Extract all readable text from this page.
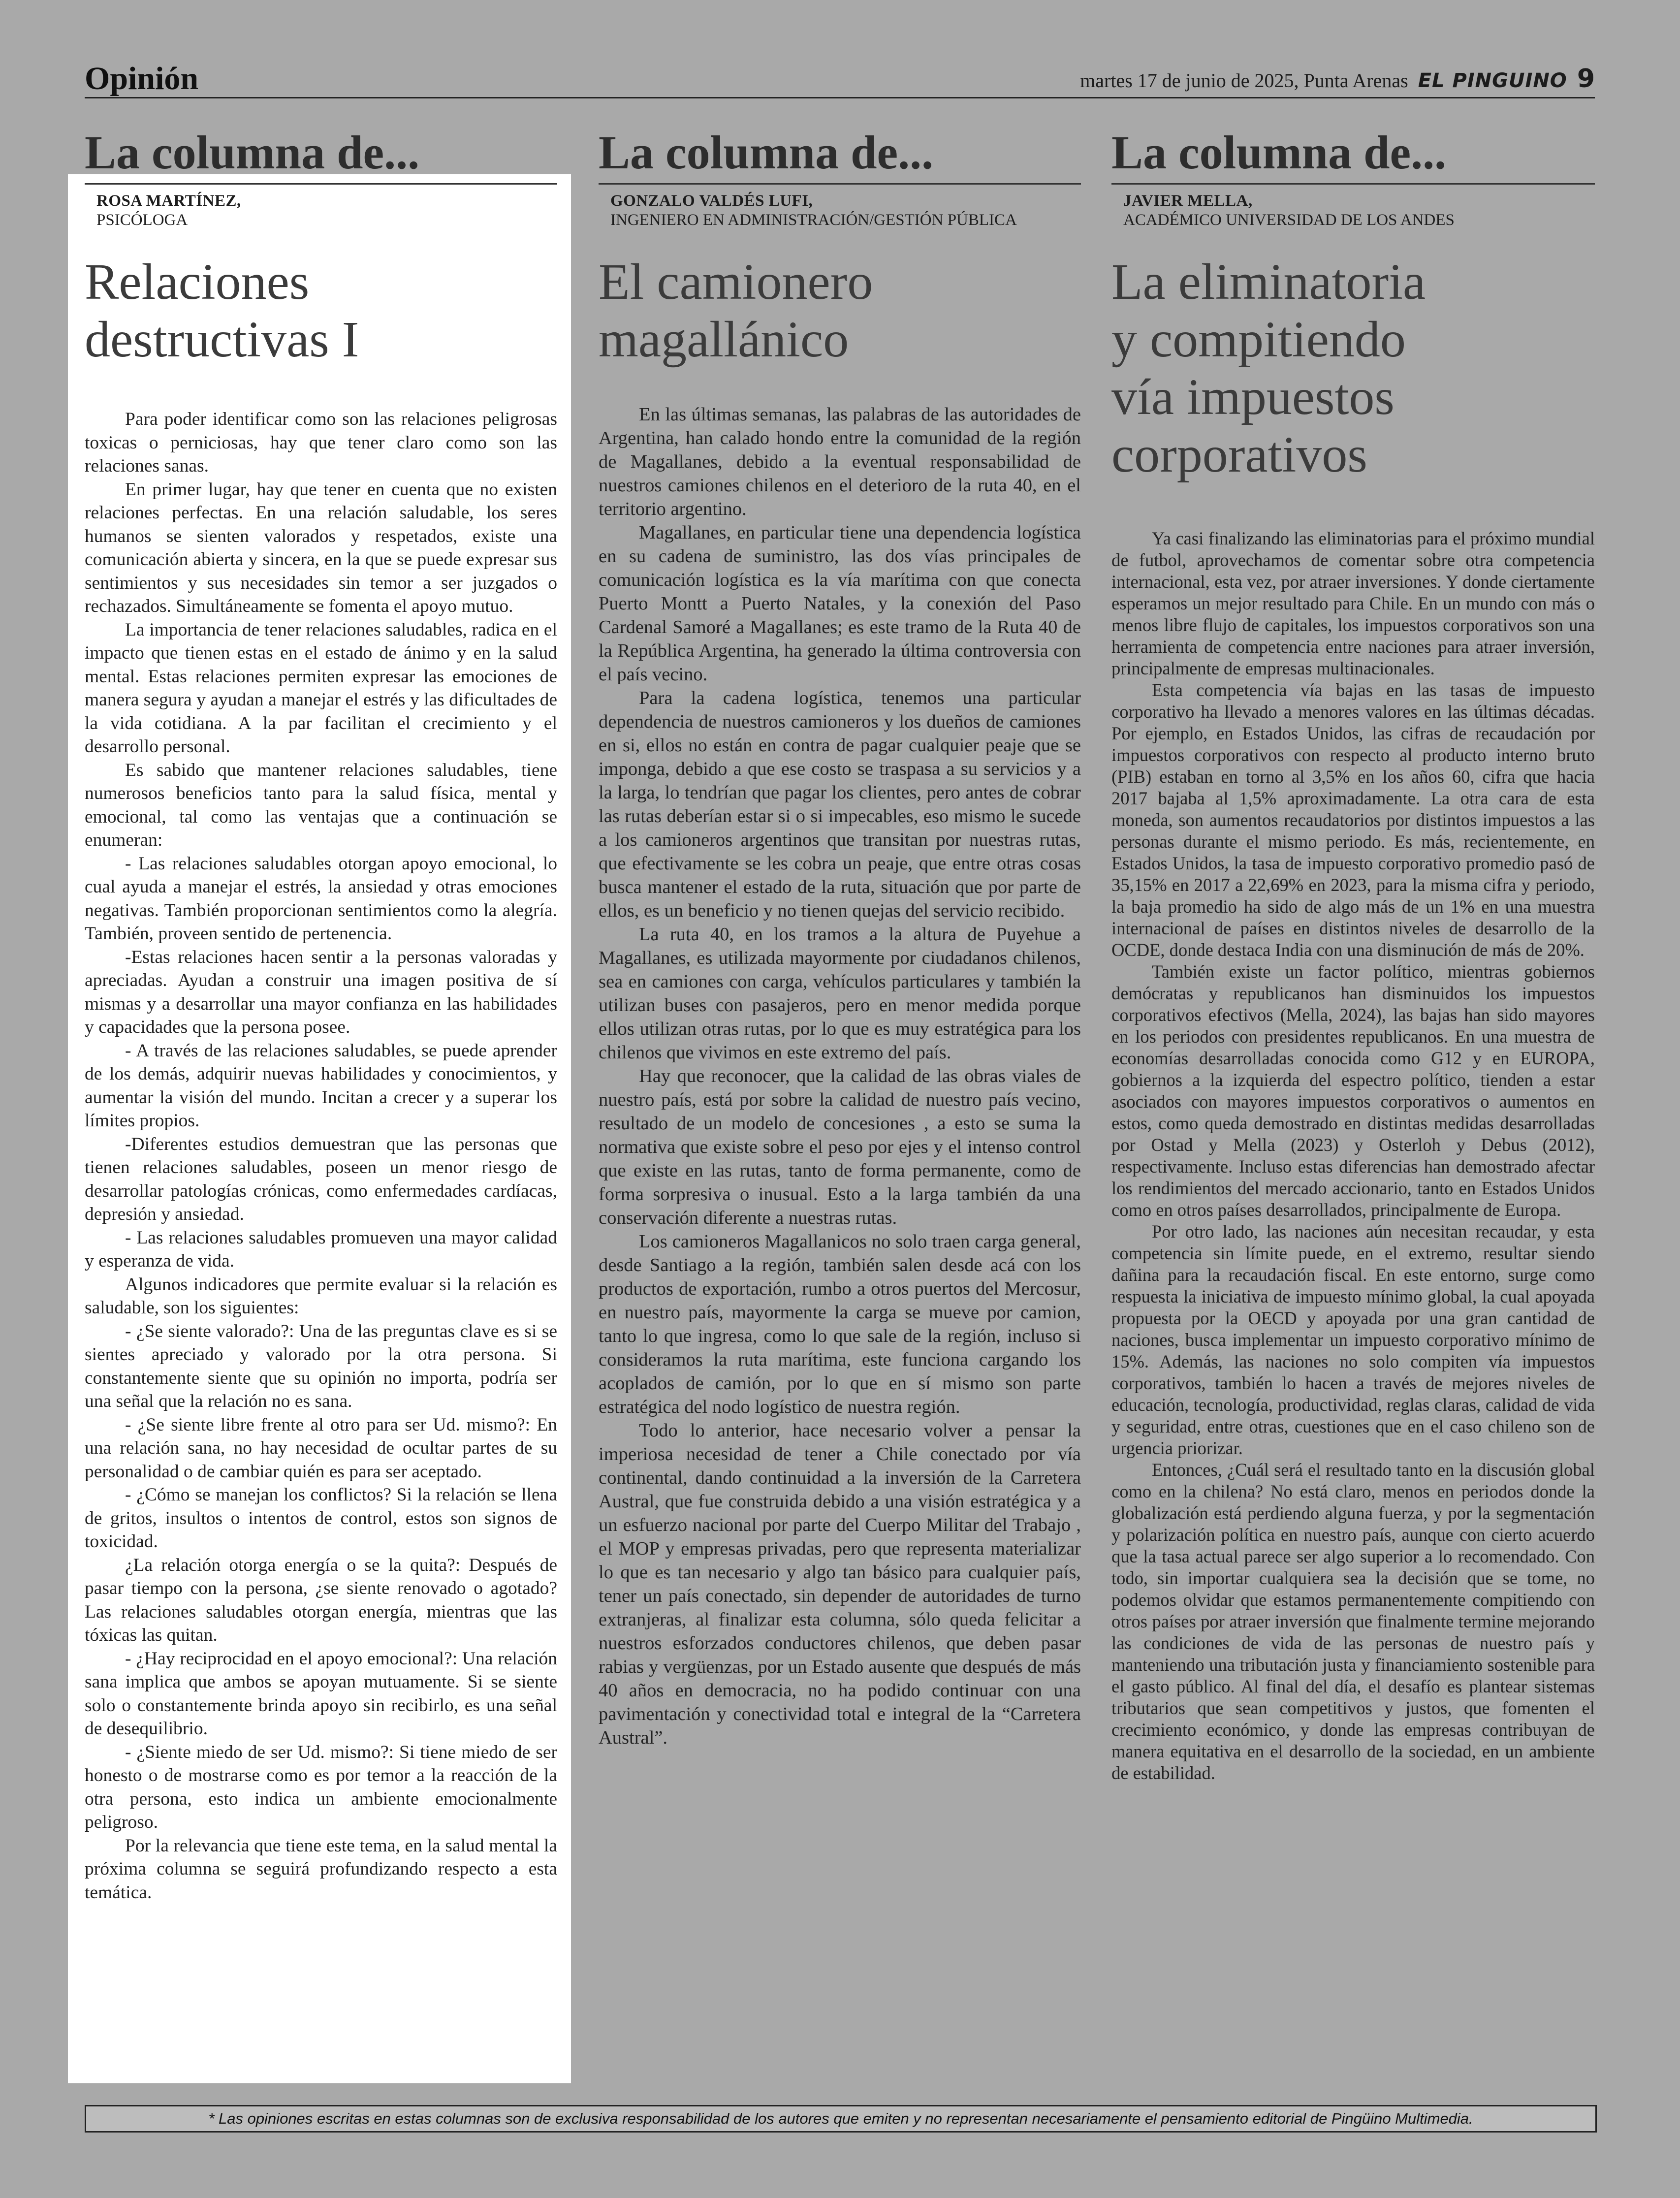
Opinión	martes 17 de junio de 2025, Punta Arenas EL PINGUINO 9
La columna de...
ROSA MARTÍNEZ,
PSICÓLOGA
Relaciones
destructivas I

Para poder identificar como son las relaciones peligrosas toxicas o perniciosas, hay que tener claro como son las relaciones sanas.

En primer lugar, hay que tener en cuenta que no existen relaciones perfectas. En una relación saludable, los seres humanos se sienten valorados y respetados, existe una comunicación abierta y sincera, en la que se puede expresar sus sentimientos y sus necesidades sin temor a ser juzgados o rechazados. Simultáneamente se fomenta el apoyo mutuo.

La importancia de tener relaciones saludables, radica en el impacto que tienen estas en el estado de ánimo y en la salud mental. Estas relaciones permiten expresar las emociones de manera segura y ayudan a manejar el estrés y las dificultades de la vida cotidiana. A la par facilitan el crecimiento y el desarrollo personal.

Es sabido que mantener relaciones saludables, tiene numerosos beneficios tanto para la salud física, mental y emocional, tal como las ventajas que a continuación se enumeran:

- Las relaciones saludables otorgan apoyo emocional, lo cual ayuda a manejar el estrés, la ansiedad y otras emociones negativas. También proporcionan sentimientos como la alegría. También, proveen sentido de pertenencia.

-Estas relaciones hacen sentir a la personas valoradas y apreciadas. Ayudan a construir una imagen positiva de sí mismas y a desarrollar una mayor confianza en las habilidades y capacidades que la persona posee.

- A través de las relaciones saludables, se puede aprender de los demás, adquirir nuevas habilidades y conocimientos, y aumentar la visión del mundo. Incitan a crecer y a superar los límites propios.

-Diferentes estudios demuestran que las personas que tienen relaciones saludables, poseen un menor riesgo de desarrollar patologías crónicas, como enfermedades cardíacas, depresión y ansiedad.

- Las relaciones saludables promueven una mayor calidad y esperanza de vida.

Algunos indicadores que permite evaluar si la relación es saludable, son los siguientes:

- ¿Se siente valorado?: Una de las preguntas clave es si se sientes apreciado y valorado por la otra persona. Si constantemente siente que su opinión no importa, podría ser una señal que la relación no es sana.

- ¿Se siente libre frente al otro para ser Ud. mismo?: En una relación sana, no hay necesidad de ocultar partes de su personalidad o de cambiar quién es para ser aceptado.

- ¿Cómo se manejan los conflictos? Si la relación se llena de gritos, insultos o intentos de control, estos son signos de toxicidad.

¿La relación otorga energía o se la quita?: Después de pasar tiempo con la persona, ¿se siente renovado o agotado? Las relaciones saludables otorgan energía, mientras que las tóxicas las quitan.

- ¿Hay reciprocidad en el apoyo emocional?: Una relación sana implica que ambos se apoyan mutuamente. Si se siente solo o constantemente brinda apoyo sin recibirlo, es una señal de desequilibrio.

- ¿Siente miedo de ser Ud. mismo?: Si tiene miedo de ser honesto o de mostrarse como es por temor a la reacción de la otra persona, esto indica un ambiente emocionalmente peligroso.

Por la relevancia que tiene este tema, en la salud mental la próxima columna se seguirá profundizando respecto a esta temática.

La columna de...
GONZALO VALDÉS LUFI,
INGENIERO EN ADMINISTRACIÓN/GESTIÓN PÚBLICA
El camionero
magallánico

En las últimas semanas, las palabras de las autoridades de Argentina, han calado hondo entre la comunidad de la región de Magallanes, debido a la eventual responsabilidad de nuestros camiones chilenos en el deterioro de la ruta 40, en el territorio argentino.

Magallanes, en particular tiene una dependencia logística en su cadena de suministro, las dos vías principales de comunicación logística es la vía marítima con que conecta Puerto Montt a Puerto Natales, y la conexión del Paso Cardenal Samoré a Magallanes; es este tramo de la Ruta 40 de la República Argentina, ha generado la última controversia con el país vecino.

Para la cadena logística, tenemos una particular dependencia de nuestros camioneros y los dueños de camiones en si, ellos no están en contra de pagar cualquier peaje que se imponga, debido a que ese costo se traspasa a su servicios y a la larga, lo tendrían que pagar los clientes, pero antes de cobrar las rutas deberían estar si o si impecables, eso mismo le sucede a los camioneros argentinos que transitan por nuestras rutas, que efectivamente se les cobra un peaje, que entre otras cosas busca mantener el estado de la ruta, situación que por parte de ellos, es un beneficio y no tienen quejas del servicio recibido.

La ruta 40, en los tramos a la altura de Puyehue a Magallanes, es utilizada mayormente por ciudadanos chilenos, sea en camiones con carga, vehículos particulares y también la utilizan buses con pasajeros, pero en menor medida porque ellos utilizan otras rutas, por lo que es muy estratégica para los chilenos que vivimos en este extremo del país.

Hay que reconocer, que la calidad de las obras viales de nuestro país, está por sobre la calidad de nuestro país vecino, resultado de un modelo de concesiones , a esto se suma la normativa que existe sobre el peso por ejes y el intenso control que existe en las rutas, tanto de forma permanente, como de forma sorpresiva o inusual. Esto a la larga también da una conservación diferente a nuestras rutas.

Los camioneros Magallanicos no solo traen carga general, desde Santiago a la región, también salen desde acá con los productos de exportación, rumbo a otros puertos del Mercosur, en nuestro país, mayormente la carga se mueve por camion, tanto lo que ingresa, como lo que sale de la región, incluso si consideramos la ruta marítima, este funciona cargando los acoplados de camión, por lo que en sí mismo son parte estratégica del nodo logístico de nuestra región.

Todo lo anterior, hace necesario volver a pensar la imperiosa necesidad de tener a Chile conectado por vía continental, dando continuidad a la inversión de la Carretera Austral, que fue construida debido a una visión estratégica y a un esfuerzo nacional por parte del Cuerpo Militar del Trabajo , el MOP y empresas privadas, pero que representa materializar lo que es tan necesario y algo tan básico para cualquier país, tener un país conectado, sin depender de autoridades de turno extranjeras, al finalizar esta columna, sólo queda felicitar a nuestros esforzados conductores chilenos, que deben pasar rabias y vergüenzas, por un Estado ausente que después de más 40 años en democracia, no ha podido continuar con una pavimentación y conectividad total e integral de la “Carretera Austral”.

La columna de...
JAVIER MELLA,
ACADÉMICO UNIVERSIDAD DE LOS ANDES
La eliminatoria
y compitiendo
vía impuestos
corporativos

Ya casi finalizando las eliminatorias para el próximo mundial de futbol, aprovechamos de comentar sobre otra competencia internacional, esta vez, por atraer inversiones. Y donde ciertamente esperamos un mejor resultado para Chile. En un mundo con más o menos libre flujo de capitales, los impuestos corporativos son una herramienta de competencia entre naciones para atraer inversión, principalmente de empresas multinacionales.

Esta competencia vía bajas en las tasas de impuesto corporativo ha llevado a menores valores en las últimas décadas. Por ejemplo, en Estados Unidos, las cifras de recaudación por impuestos corporativos con respecto al producto interno bruto (PIB) estaban en torno al 3,5% en los años 60, cifra que hacia 2017 bajaba al 1,5% aproximadamente. La otra cara de esta moneda, son aumentos recaudatorios por distintos impuestos a las personas durante el mismo periodo. Es más, recientemente, en Estados Unidos, la tasa de impuesto corporativo promedio pasó de 35,15% en 2017 a 22,69% en 2023, para la misma cifra y periodo, la baja promedio ha sido de algo más de un 1% en una muestra internacional de países en distintos niveles de desarrollo de la OCDE, donde destaca India con una disminución de más de 20%.

También existe un factor político, mientras gobiernos demócratas y republicanos han disminuidos los impuestos corporativos efectivos (Mella, 2024), las bajas han sido mayores en los periodos con presidentes republicanos. En una muestra de economías desarrolladas conocida como G12 y en EUROPA, gobiernos a la izquierda del espectro político, tienden a estar asociados con mayores impuestos corporativos o aumentos en estos, como queda demostrado en distintas medidas desarrolladas por Ostad y Mella (2023) y Osterloh y Debus (2012), respectivamente. Incluso estas diferencias han demostrado afectar los rendimientos del mercado accionario, tanto en Estados Unidos como en otros países desarrollados, principalmente de Europa.

Por otro lado, las naciones aún necesitan recaudar, y esta competencia sin límite puede, en el extremo, resultar siendo dañina para la recaudación fiscal. En este entorno, surge como respuesta la iniciativa de impuesto mínimo global, la cual apoyada propuesta por la OECD y apoyada por una gran cantidad de naciones, busca implementar un impuesto corporativo mínimo de 15%. Además, las naciones no solo compiten vía impuestos corporativos, también lo hacen a través de mejores niveles de educación, tecnología, productividad, reglas claras, calidad de vida y seguridad, entre otras, cuestiones que en el caso chileno son de urgencia priorizar.

Entonces, ¿Cuál será el resultado tanto en la discusión global como en la chilena? No está claro, menos en periodos donde la globalización está perdiendo alguna fuerza, y por la segmentación y polarización política en nuestro país, aunque con cierto acuerdo que la tasa actual parece ser algo superior a lo recomendado. Con todo, sin importar cualquiera sea la decisión que se tome, no podemos olvidar que estamos permanentemente compitiendo con otros países por atraer inversión que finalmente termine mejorando las condiciones de vida de las personas de nuestro país y manteniendo una tributación justa y financiamiento sostenible para el gasto público. Al final del día, el desafío es plantear sistemas tributarios que sean competitivos y justos, que fomenten el crecimiento económico, y donde las empresas contribuyan de manera equitativa en el desarrollo de la sociedad, en un ambiente de estabilidad.

* Las opiniones escritas en estas columnas son de exclusiva responsabilidad de los autores que emiten y no representan necesariamente el pensamiento editorial de Pingüino Multimedia.
